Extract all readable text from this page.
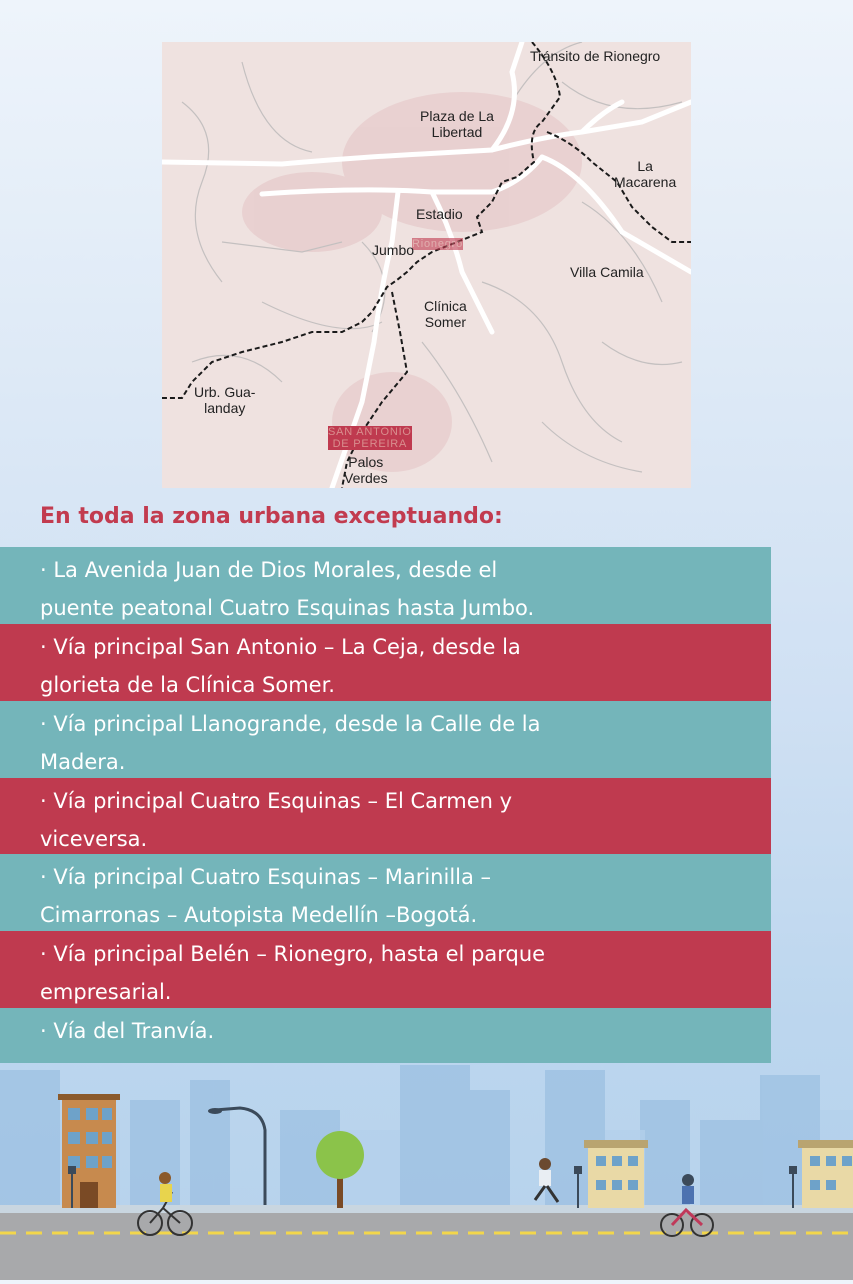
Tránsito de Rionegro
Plaza de La
Libertad
La
Macarena
Estadio
Rionegro
Jumbo
Villa Camila
Clínica
Somer
Urb. Gua-
landay
SAN ANTONIO
DE PEREIRA
Palos
Verdes
En toda la zona urbana exceptuando:
· La Avenida Juan de Dios Morales, desde el
puente peatonal Cuatro Esquinas hasta Jumbo.
· Vía principal San Antonio – La Ceja, desde la
glorieta de la Clínica Somer.
· Vía principal Llanogrande, desde la Calle de la
Madera.
· Vía principal Cuatro Esquinas – El Carmen y
viceversa.
· Vía principal Cuatro Esquinas – Marinilla –
Cimarronas – Autopista Medellín –Bogotá.
· Vía principal Belén – Rionegro, hasta el parque
empresarial.
· Vía del Tranvía.
